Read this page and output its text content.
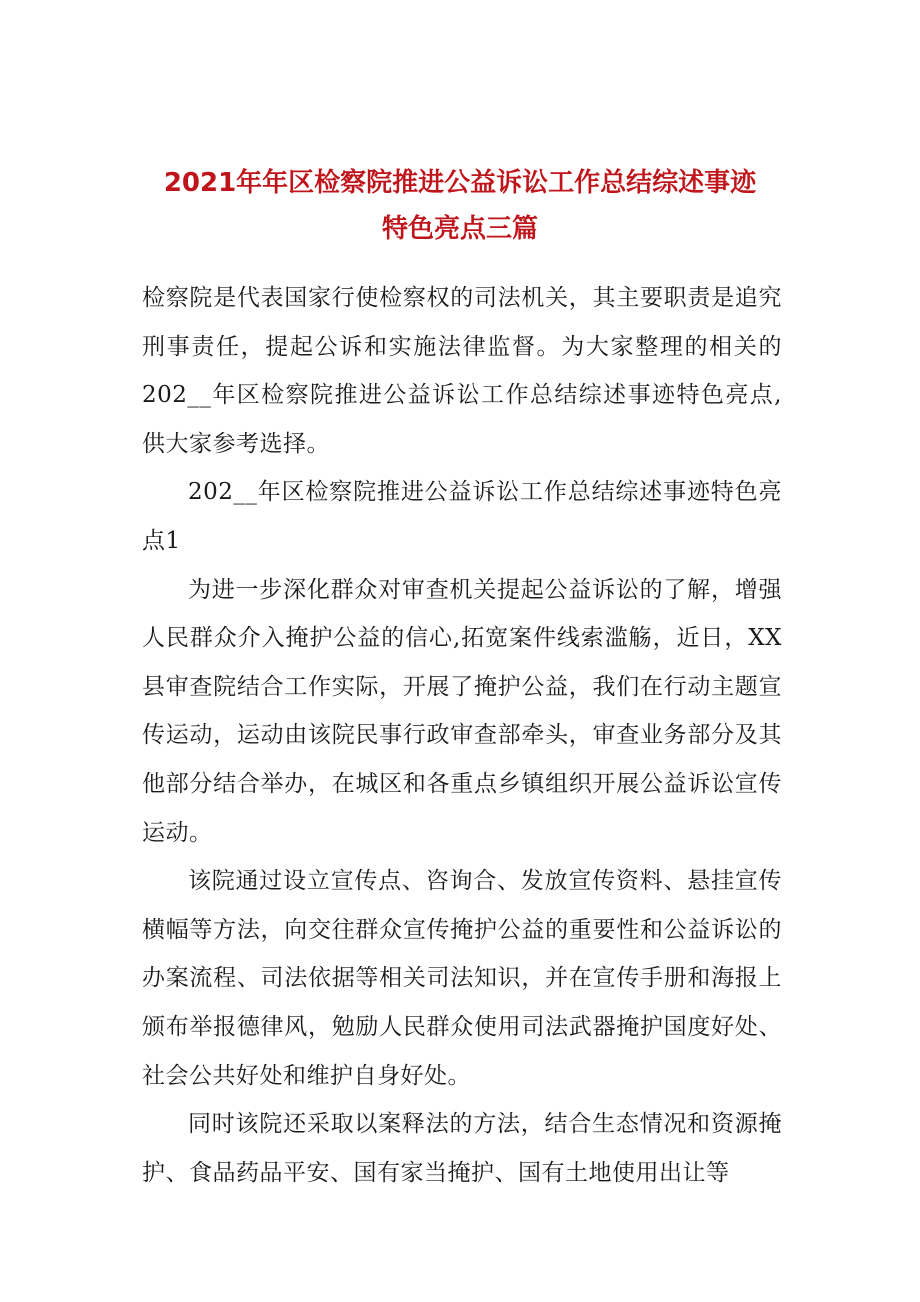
2021年年区检察院推进公益诉讼工作总结综述事迹
特色亮点三篇

检察院是代表国家行使检察权的司法机关，其主要职责是追究刑事责任，提起公诉和实施法律监督。为大家整理的相关的202__年区检察院推进公益诉讼工作总结综述事迹特色亮点,供大家参考选择。

202__年区检察院推进公益诉讼工作总结综述事迹特色亮点1

为进一步深化群众对审查机关提起公益诉讼的了解，增强人民群众介入掩护公益的信心,拓宽案件线索滥觞，近日，XX县审查院结合工作实际，开展了掩护公益，我们在行动主题宣传运动，运动由该院民事行政审查部牵头，审查业务部分及其他部分结合举办，在城区和各重点乡镇组织开展公益诉讼宣传运动。

该院通过设立宣传点、咨询合、发放宣传资料、悬挂宣传横幅等方法，向交往群众宣传掩护公益的重要性和公益诉讼的办案流程、司法依据等相关司法知识，并在宣传手册和海报上颁布举报德律风，勉励人民群众使用司法武器掩护国度好处、社会公共好处和维护自身好处。

同时该院还采取以案释法的方法，结合生态情况和资源掩护、食品药品平安、国有家当掩护、国有土地使用出让等
